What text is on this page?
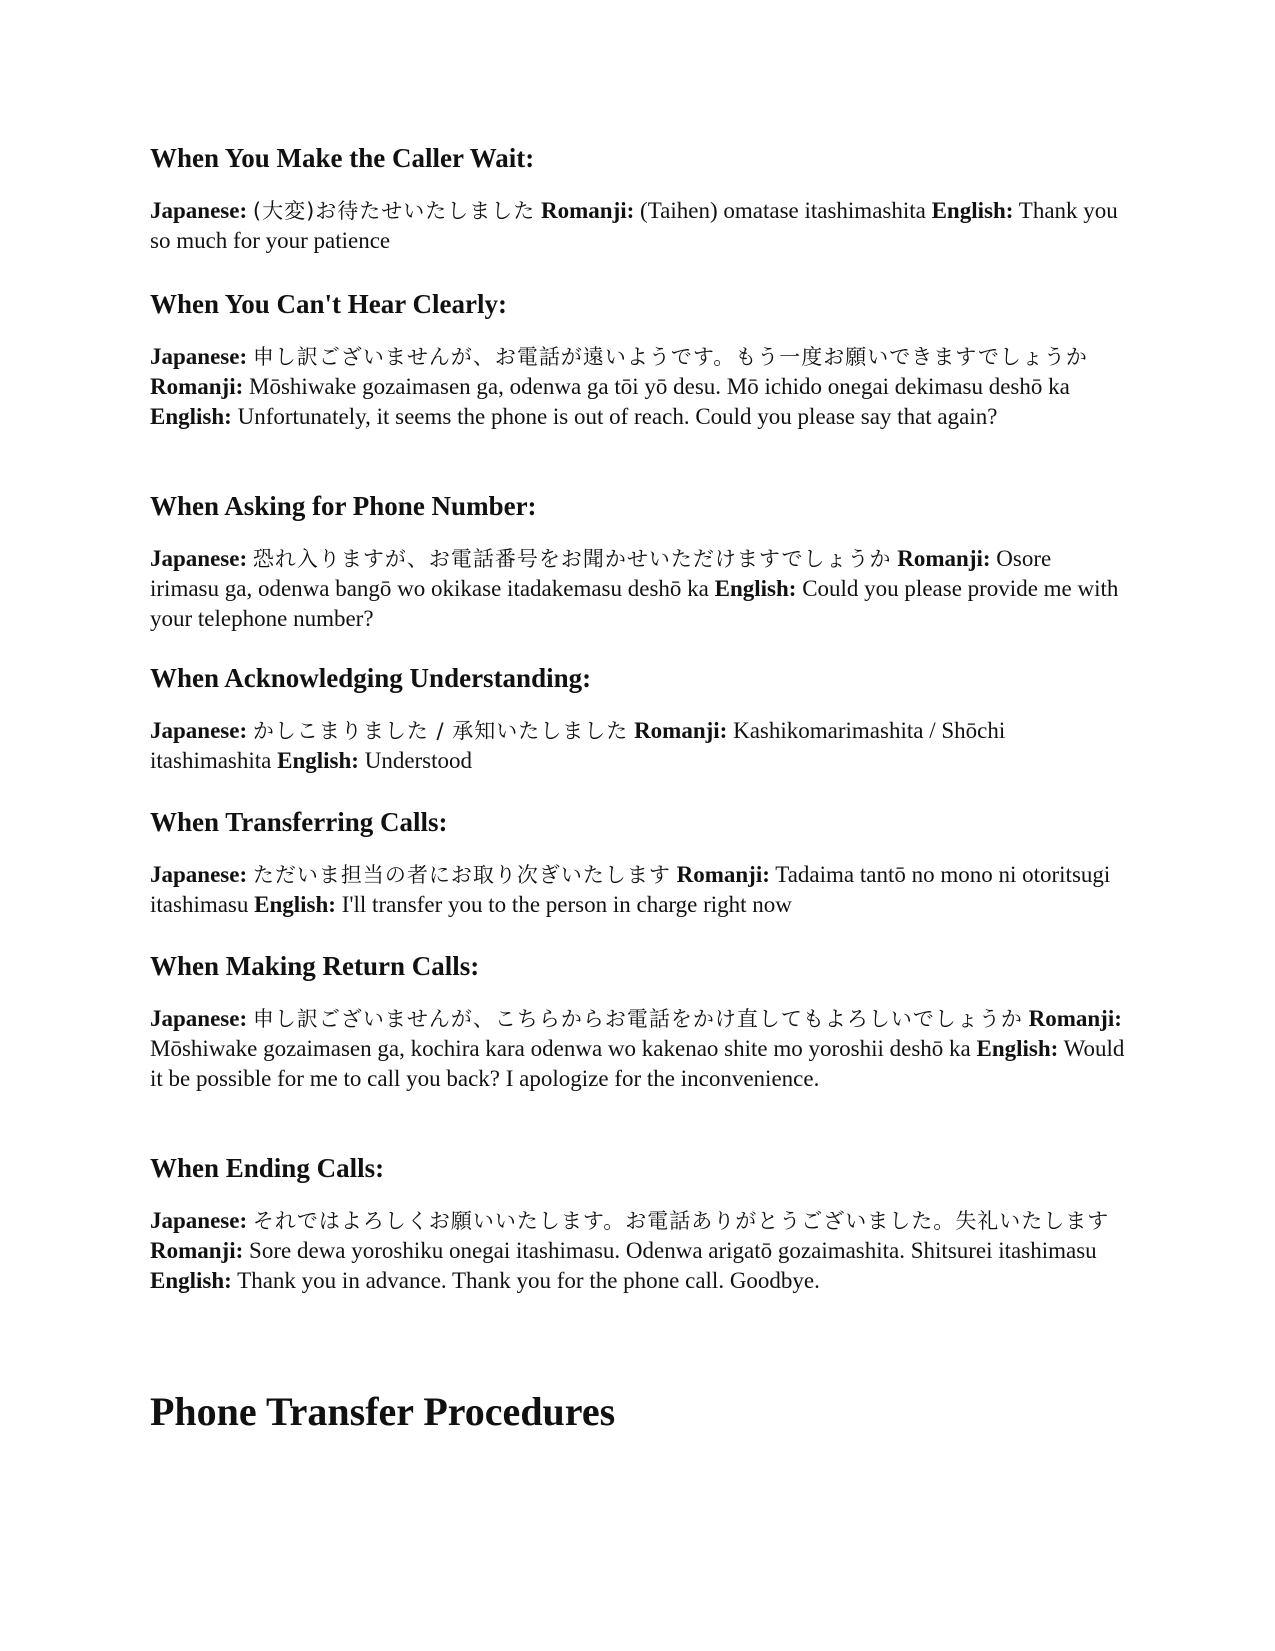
When You Make the Caller Wait:

Japanese: (大変)お待たせいたしました Romanji: (Taihen) omatase itashimashita English: Thank you so much for your patience

When You Can't Hear Clearly:

Japanese: 申し訳ございませんが、お電話が遠いようです。もう一度お願いできますでしょうか Romanji: Mōshiwake gozaimasen ga, odenwa ga tōi yō desu. Mō ichido onegai dekimasu deshō ka English: Unfortunately, it seems the phone is out of reach. Could you please say that again?

When Asking for Phone Number:

Japanese: 恐れ入りますが、お電話番号をお聞かせいただけますでしょうか Romanji: Osore irimasu ga, odenwa bangō wo okikase itadakemasu deshō ka English: Could you please provide me with your telephone number?

When Acknowledging Understanding:

Japanese: かしこまりました / 承知いたしました Romanji: Kashikomarimashita / Shōchi itashimashita English: Understood

When Transferring Calls:

Japanese: ただいま担当の者にお取り次ぎいたします Romanji: Tadaima tantō no mono ni otoritsugi itashimasu English: I'll transfer you to the person in charge right now

When Making Return Calls:

Japanese: 申し訳ございませんが、こちらからお電話をかけ直してもよろしいでしょうか Romanji: Mōshiwake gozaimasen ga, kochira kara odenwa wo kakenao shite mo yoroshii deshō ka English: Would it be possible for me to call you back? I apologize for the inconvenience.

When Ending Calls:

Japanese: それではよろしくお願いいたします。お電話ありがとうございました。失礼いたします Romanji: Sore dewa yoroshiku onegai itashimasu. Odenwa arigatō gozaimashita. Shitsurei itashimasu English: Thank you in advance. Thank you for the phone call. Goodbye.

Phone Transfer Procedures
